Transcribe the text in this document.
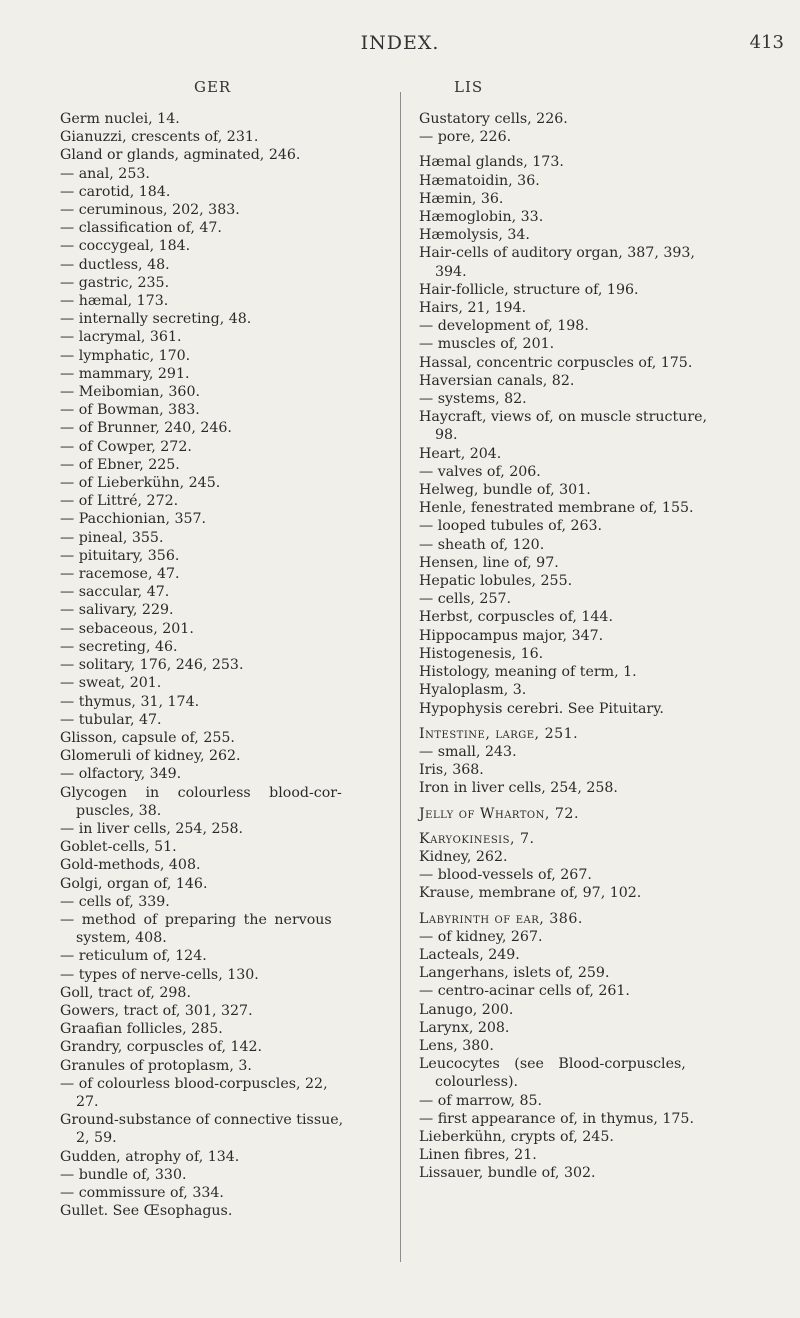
INDEX.	413
GER	LIS
Germ nuclei, 14.
Gianuzzi, crescents of, 231.
Gland or glands, agminated, 246.
— anal, 253.
— carotid, 184.
— ceruminous, 202, 383.
— classification of, 47.
— coccygeal, 184.
— ductless, 48.
— gastric, 235.
— hæmal, 173.
— internally secreting, 48.
— lacrymal, 361.
— lymphatic, 170.
— mammary, 291.
— Meibomian, 360.
— of Bowman, 383.
— of Brunner, 240, 246.
— of Cowper, 272.
— of Ebner, 225.
— of Lieberkühn, 245.
— of Littré, 272.
— Pacchionian, 357.
— pineal, 355.
— pituitary, 356.
— racemose, 47.
— saccular, 47.
— salivary, 229.
— sebaceous, 201.
— secreting, 46.
— solitary, 176, 246, 253.
— sweat, 201.
— thymus, 31, 174.
— tubular, 47.
Glisson, capsule of, 255.
Glomeruli of kidney, 262.
— olfactory, 349.
Glycogen in colourless blood-cor-
puscles, 38.
— in liver cells, 254, 258.
Goblet-cells, 51.
Gold-methods, 408.
Golgi, organ of, 146.
— cells of, 339.
— method of preparing the nervous
system, 408.
— reticulum of, 124.
— types of nerve-cells, 130.
Goll, tract of, 298.
Gowers, tract of, 301, 327.
Graafian follicles, 285.
Grandry, corpuscles of, 142.
Granules of protoplasm, 3.
— of colourless blood-corpuscles, 22,
27.
Ground-substance of connective tissue,
2, 59.
Gudden, atrophy of, 134.
— bundle of, 330.
— commissure of, 334.
Gullet. See Œsophagus.
Gustatory cells, 226.
— pore, 226.
Hæmal glands, 173.
Hæmatoidin, 36.
Hæmin, 36.
Hæmoglobin, 33.
Hæmolysis, 34.
Hair-cells of auditory organ, 387, 393,
394.
Hair-follicle, structure of, 196.
Hairs, 21, 194.
— development of, 198.
— muscles of, 201.
Hassal, concentric corpuscles of, 175.
Haversian canals, 82.
— systems, 82.
Haycraft, views of, on muscle structure,
98.
Heart, 204.
— valves of, 206.
Helweg, bundle of, 301.
Henle, fenestrated membrane of, 155.
— looped tubules of, 263.
— sheath of, 120.
Hensen, line of, 97.
Hepatic lobules, 255.
— cells, 257.
Herbst, corpuscles of, 144.
Hippocampus major, 347.
Histogenesis, 16.
Histology, meaning of term, 1.
Hyaloplasm, 3.
Hypophysis cerebri. See Pituitary.
Intestine, large, 251.
— small, 243.
Iris, 368.
Iron in liver cells, 254, 258.
Jelly of Wharton, 72.
Karyokinesis, 7.
Kidney, 262.
— blood-vessels of, 267.
Krause, membrane of, 97, 102.
Labyrinth of ear, 386.
— of kidney, 267.
Lacteals, 249.
Langerhans, islets of, 259.
— centro-acinar cells of, 261.
Lanugo, 200.
Larynx, 208.
Lens, 380.
Leucocytes (see Blood-corpuscles,
colourless).
— of marrow, 85.
— first appearance of, in thymus, 175.
Lieberkühn, crypts of, 245.
Linen fibres, 21.
Lissauer, bundle of, 302.
